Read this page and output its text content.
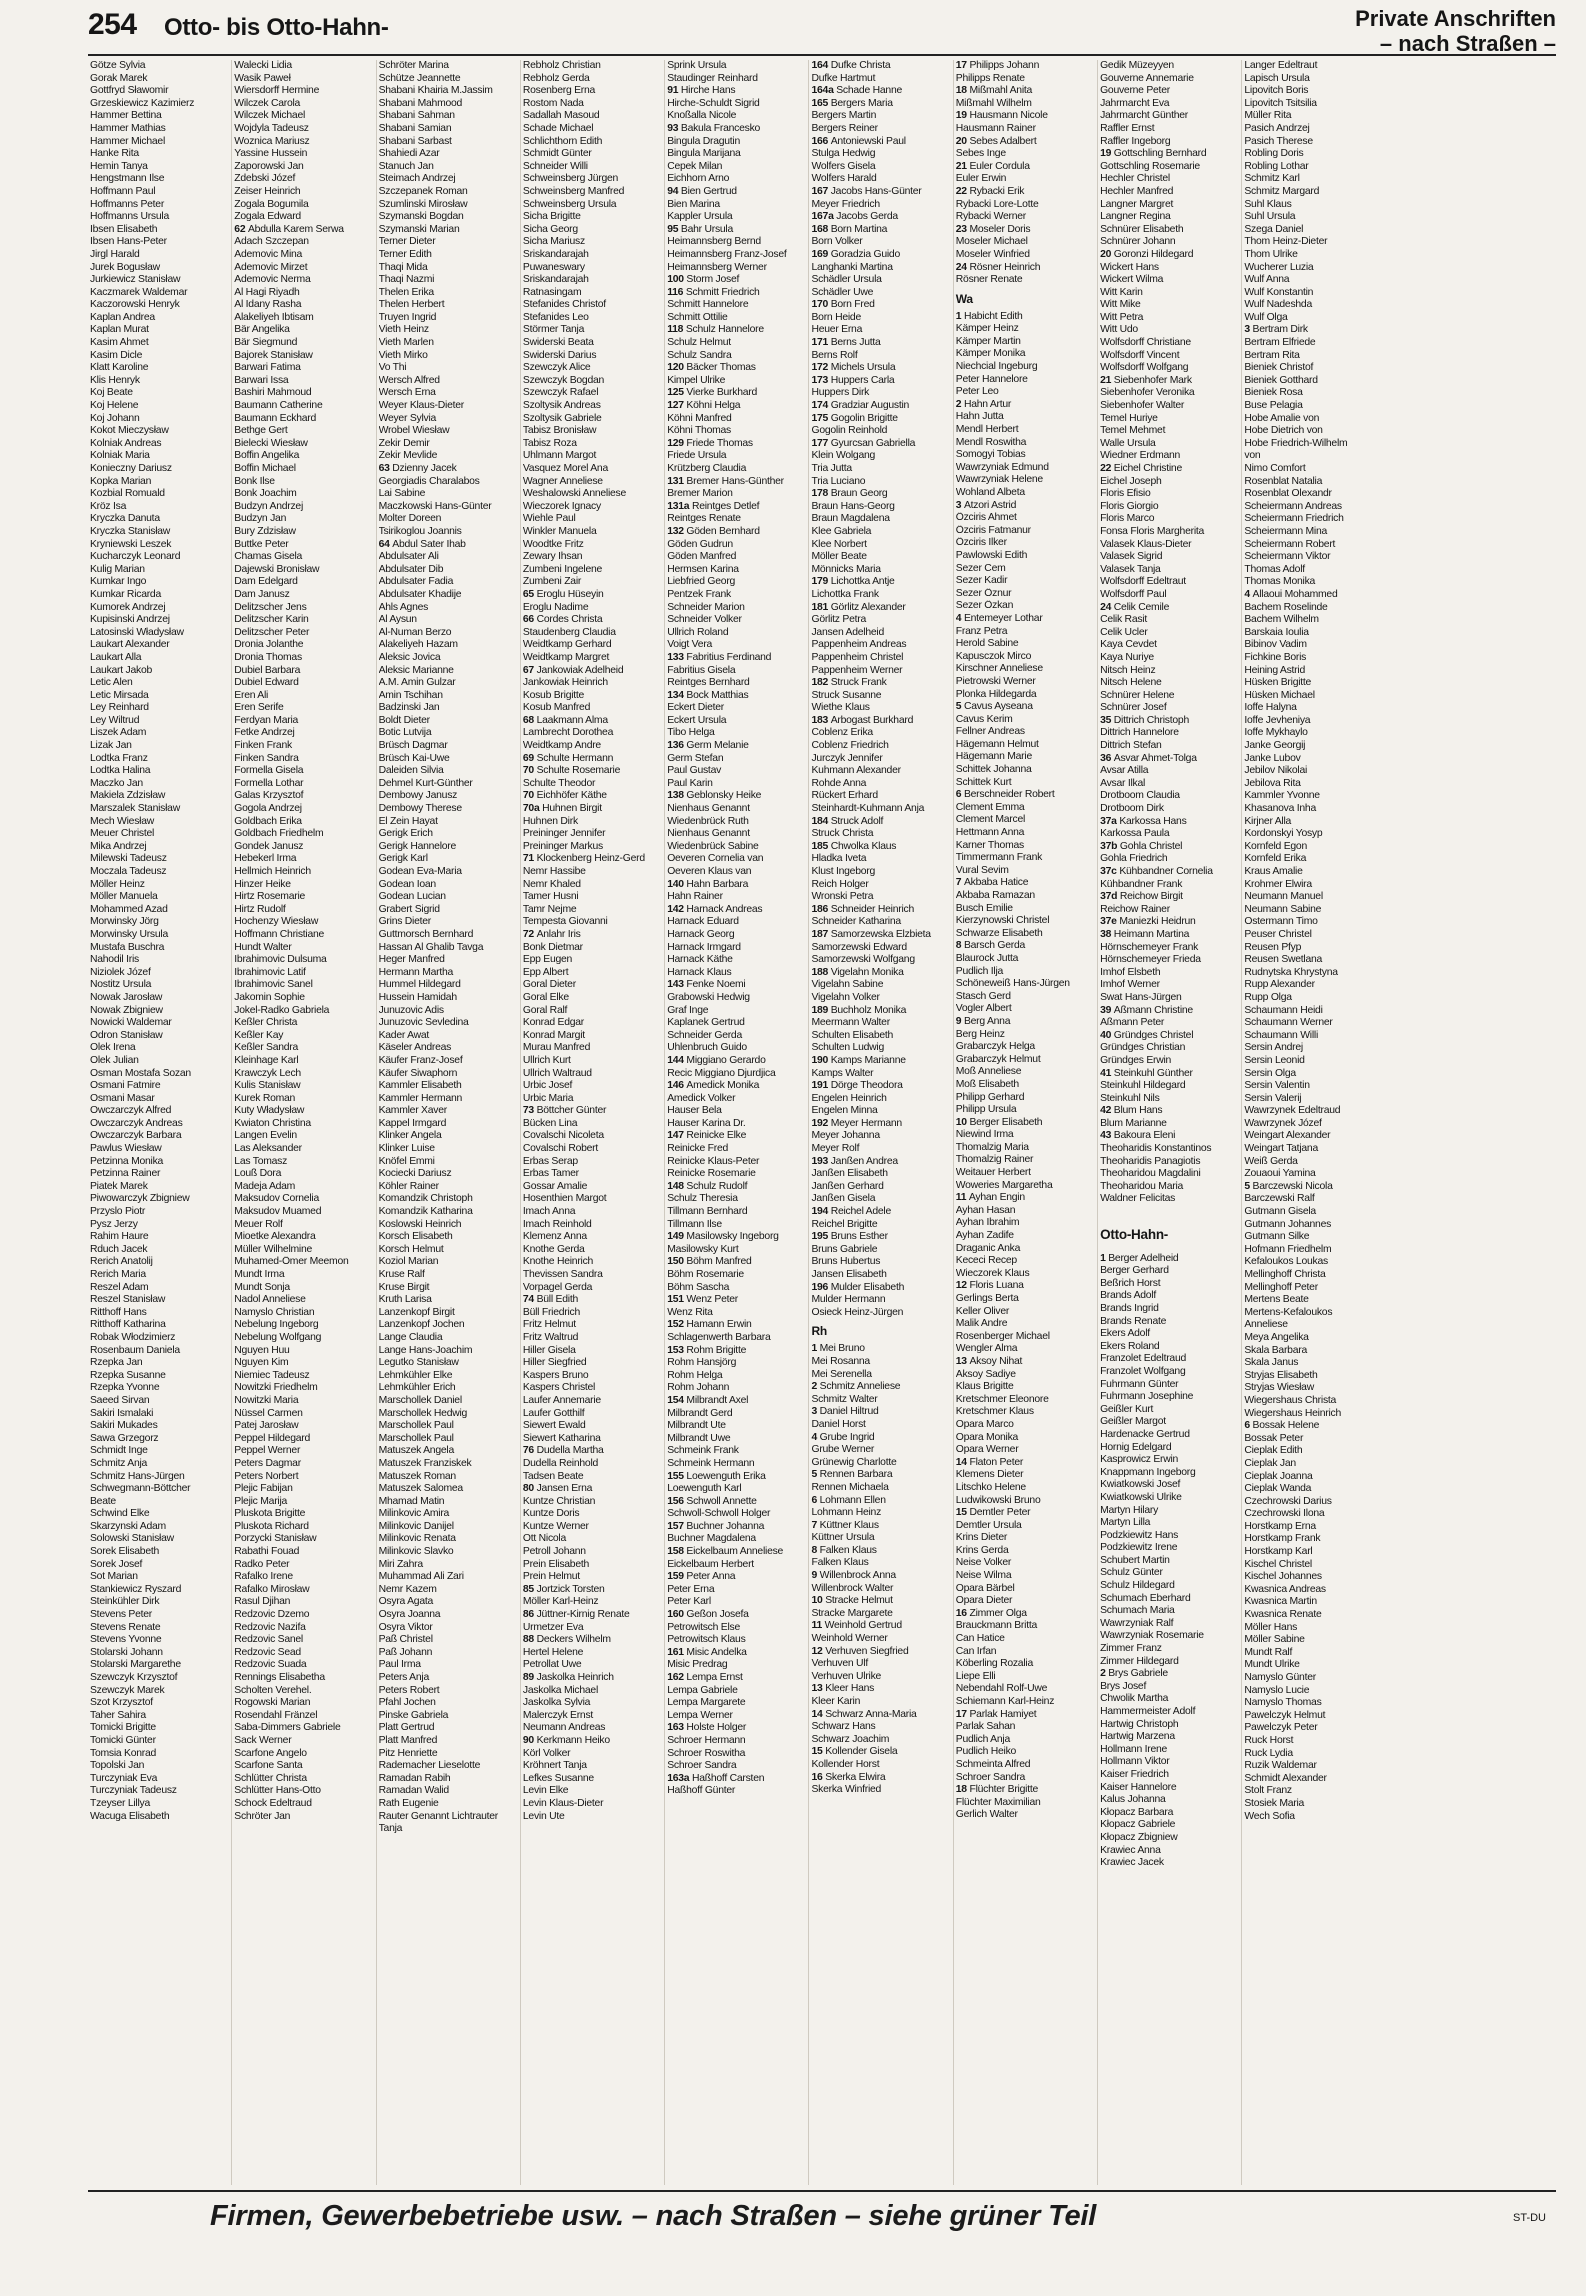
254 Otto- bis Otto-Hahn-	Private Anschriften
– nach Straßen –
Götze Sylvia
Gorak Marek
Gottfryd Sławomir
Grzeskiewicz Kazimierz
Hammer Bettina
Hammer Mathias
Hammer Michael
Hanke Rita
Hemin Tanya
Hengstmann Ilse
Hoffmann Paul
Hoffmanns Peter
Hoffmanns Ursula
Ibsen Elisabeth
Ibsen Hans-Peter
Jirgl Harald
Jurek Bogusław
Jurkiewicz Stanisław
Kaczmarek Waldemar
Kaczorowski Henryk
Kaplan Andrea
Kaplan Murat
Kasim Ahmet
Kasim Dicle
Klatt Karoline
Klis Henryk
Koj Beate
Koj Helene
Koj Johann
Kokot Mieczysław
Kolniak Andreas
Kolniak Maria
Konieczny Dariusz
Kopka Marian
Kozbial Romuald
Kröz Isa
Kryczka Danuta
Kryczka Stanisław
Kryniewski Leszek
Kucharczyk Leonard
Kulig Marian
Kumkar Ingo
Kumkar Ricarda
Kumorek Andrzej
Kupisinski Andrzej
Latosinski Władysław
Laukart Alexander
Laukart Alla
Laukart Jakob
Letic Alen
Letic Mirsada
Ley Reinhard
Ley Wiltrud
Liszek Adam
Lizak Jan
Lodtka Franz
Lodtka Halina
Maczko Jan
Makiela Zdzisław
Marszalek Stanisław
Mech Wiesław
Meuer Christel
Mika Andrzej
Milewski Tadeusz
Moczala Tadeusz
Möller Heinz
Möller Manuela
Mohammed Azad
Morwinsky Jörg
Morwinsky Ursula
Mustafa Buschra
Nahodil Iris
Niziolek Józef
Nostitz Ursula
Nowak Jarosław
Nowak Zbigniew
Nowicki Waldemar
Odron Stanisław
Olek Irena
Olek Julian
Osman Mostafa Sozan
Osmani Fatmire
Osmani Masar
Owczarczyk Alfred
Owczarczyk Andreas
Owczarczyk Barbara
Pawlus Wiesław
Petzinna Monika
Petzinna Rainer
Piatek Marek
Piwowarczyk Zbigniew
Przyslo Piotr
Pysz Jerzy
Rahim Haure
Rduch Jacek
Rerich Anatolij
Rerich Maria
Reszel Adam
Reszel Stanisław
Ritthoff Hans
Ritthoff Katharina
Robak Włodzimierz
Rosenbaum Daniela
Rzepka Jan
Rzepka Susanne
Rzepka Yvonne
Saeed Sirvan
Sakiri Ismalaki
Sakiri Mukades
Sawa Grzegorz
Schmidt Inge
Schmitz Anja
Schmitz Hans-Jürgen
Schwegmann-Böttcher
Beate
Schwind Elke
Skarzynski Adam
Solowski Stanisław
Sorek Elisabeth
Sorek Josef
Sot Marian
Stankiewicz Ryszard
Steinkühler Dirk
Stevens Peter
Stevens Renate
Stevens Yvonne
Stolarski Johann
Stolarski Margarethe
Szewczyk Krzysztof
Szewczyk Marek
Szot Krzysztof
Taher Sahira
Tomicki Brigitte
Tomicki Günter
Tomsia Konrad
Topolski Jan
Turczyniak Eva
Turczyniak Tadeusz
Tzeyser Lillya
Wacuga Elisabeth
Walecki Lidia
Wasik Paweł
Wiersdorff Hermine
Wilczek Carola
Wilczek Michael
Wojdyla Tadeusz
Woznica Mariusz
Yassine Hussein
Zaporowski Jan
Zdebski Józef
Zeiser Heinrich
Zogala Bogumila
Zogala Edward
62 Abdulla Karem Serwa
Adach Szczepan
Ademovic Mina
Ademovic Mirzet
Ademovic Nerma
Al Hagi Riyadh
Al Idany Rasha
Alakeliyeh Ibtisam
Bär Angelika
Bär Siegmund
Bajorek Stanisław
Barwari Fatima
Barwari Issa
Bashiri Mahmoud
Baumann Catherine
Baumann Eckhard
Bethge Gert
Bielecki Wiesław
Boffin Angelika
Boffin Michael
Bonk Ilse
Bonk Joachim
Budzyn Andrzej
Budzyn Jan
Bury Zdzisław
Buttke Peter
Chamas Gisela
Dajewski Bronisław
Dam Edelgard
Dam Janusz
Delitzscher Jens
Delitzscher Karin
Delitzscher Peter
Dronia Jolanthe
Dronia Thomas
Dubiel Barbara
Dubiel Edward
Eren Ali
Eren Serife
Ferdyan Maria
Fetke Andrzej
Finken Frank
Finken Sandra
Formella Gisela
Formella Lothar
Galas Krzysztof
Gogola Andrzej
Goldbach Erika
Goldbach Friedhelm
Gondek Janusz
Hebekerl Irma
Hellmich Heinrich
Hinzer Heike
Hirtz Rosemarie
Hirtz Rudolf
Hochenzy Wiesław
Hoffmann Christiane
Hundt Walter
Ibrahimovic Dulsuma
Ibrahimovic Latif
Ibrahimovic Sanel
Jakomin Sophie
Jokel-Radko Gabriela
Keßler Christa
Keßler Kay
Keßler Sandra
Kleinhage Karl
Krawczyk Lech
Kulis Stanisław
Kurek Roman
Kuty Władysław
Kwiaton Christina
Langen Evelin
Las Aleksander
Las Tomasz
Louß Dora
Madeja Adam
Maksudov Cornelia
Maksudov Muamed
Meuer Rolf
Mioetke Alexandra
Müller Wilhelmine
Muhamed-Ömer Meemon
Mundt Irma
Mundt Sonja
Nadol Anneliese
Namyslo Christian
Nebelung Ingeborg
Nebelung Wolfgang
Nguyen Huu
Nguyen Kim
Niemiec Tadeusz
Nowitzki Friedhelm
Nowitzki Maria
Nüssel Carmen
Patej Jarosław
Peppel Hildegard
Peppel Werner
Peters Dagmar
Peters Norbert
Plejic Fabijan
Plejic Marija
Pluskota Brigitte
Pluskota Richard
Porzycki Stanisław
Rabathi Fouad
Radko Peter
Rafalko Irene
Rafalko Mirosław
Rasul Djihan
Redzovic Dzemo
Redzovic Nazifa
Redzovic Sanel
Redzovic Sead
Redzovic Suada
Rennings Elisabetha
Scholten Verehel.
Rogowski Marian
Rosendahl Fränzel
Saba-Dimmers Gabriele
Sack Werner
Scarfone Angelo
Scarfone Santa
Schlütter Christa
Schlütter Hans-Otto
Schock Edeltraud
Schröter Jan
Schröter Marina
Schütze Jeannette
Shabani Khairia M.Jassim
Shabani Mahmood
Shabani Sahman
Shabani Samian
Shabani Sarbast
Shahiedi Azar
Stanuch Jan
Steimach Andrzej
Szczepanek Roman
Szumlinski Mirosław
Szymanski Bogdan
Szymanski Marian
Terner Dieter
Terner Edith
Thaqi Mida
Thaqi Nazmi
Thelen Erika
Thelen Herbert
Truyen Ingrid
Vieth Heinz
Vieth Marlen
Vieth Mirko
Vo Thi
Wersch Alfred
Wersch Erna
Weyer Klaus-Dieter
Weyer Sylvia
Wrobel Wiesław
Zekir Demir
Zekir Mevlide
63 Dzienny Jacek
Georgiadis Charalabos
Lai Sabine
Maczkowski Hans-Günter
Molter Doreen
Tsirikoglou Joannis
64 Abdul Sater Ihab
Abdulsater Ali
Abdulsater Dib
Abdulsater Fadia
Abdulsater Khadije
Ahls Agnes
Al Aysun
Al-Numan Berzo
Alakeliyeh Hazam
Aleksic Jovica
Aleksic Marianne
A.M. Amin Gulzar
Amin Tschihan
Badzinski Jan
Boldt Dieter
Botic Lutvija
Brüsch Dagmar
Brüsch Kai-Uwe
Daleiden Silvia
Dehmel Kurt-Günther
Dembowy Janusz
Dembowy Therese
El Zein Hayat
Gerigk Erich
Gerigk Hannelore
Gerigk Karl
Godean Eva-Maria
Godean Ioan
Godean Lucian
Grabert Sigrid
Grins Dieter
Guttmorsch Bernhard
Hassan Al Ghalib Tavga
Heger Manfred
Hermann Martha
Hummel Hildegard
Hussein Hamidah
Junuzovic Adis
Junuzovic Sevledina
Kader Awat
Käseler Andreas
Käufer Franz-Josef
Käufer Siwaphorn
Kammler Elisabeth
Kammler Hermann
Kammler Xaver
Kappel Irmgard
Klinker Angela
Klinker Luise
Knöfel Emmi
Kociecki Dariusz
Köhler Rainer
Komandzik Christoph
Komandzik Katharina
Koslowski Heinrich
Korsch Elisabeth
Korsch Helmut
Koziol Marian
Kruse Ralf
Kruse Birgit
Kruth Larisa
Lanzenkopf Birgit
Lanzenkopf Jochen
Lange Claudia
Lange Hans-Joachim
Legutko Stanisław
Lehmkühler Elke
Lehmkühler Erich
Marschollek Daniel
Marschollek Hedwig
Marschollek Paul
Marschollek Paul
Matuszek Angela
Matuszek Franziskek
Matuszek Roman
Matuszek Salomea
Mhamad Matin
Milinkovic Amira
Milinkovic Danijel
Milinkovic Renata
Milinkovic Slavko
Miri Zahra
Muhammad Ali Zari
Nemr Kazem
Osyra Agata
Osyra Joanna
Osyra Viktor
Paß Christel
Paß Johann
Paul Irma
Peters Anja
Peters Robert
Pfahl Jochen
Pinske Gabriela
Platt Gertrud
Platt Manfred
Pitz Henriette
Rademacher Lieselotte
Ramadan Rabih
Ramadan Walid
Rath Eugenie
Rauter Genannt Lichtrauter
Tanja
Rebholz Christian
Rebholz Gerda
Rosenberg Erna
Rostom Nada
Sadallah Masoud
Schade Michael
Schlichthorn Edith
Schmidt Günter
Schneider Willi
Schweinsberg Jürgen
Schweinsberg Manfred
Schweinsberg Ursula
Sicha Brigitte
Sicha Georg
Sicha Mariusz
Sriskandarajah
Puwaneswary
Sriskandarajah
Ratnasingam
Stefanides Christof
Stefanides Leo
Störmer Tanja
Swiderski Beata
Swiderski Darius
Szewczyk Alice
Szewczyk Bogdan
Szewczyk Rafael
Szoltysik Andreas
Szoltysik Gabriele
Tabisz Bronisław
Tabisz Roza
Uhlmann Margot
Vasquez Morel Ana
Wagner Anneliese
Weshalowski Anneliese
Wieczorek Ignacy
Wiehle Paul
Winkler Manuela
Woodtke Fritz
Zewary Ihsan
Zumbeni Ingelene
Zumbeni Zair
65 Eroglu Hüseyin
Eroglu Nadime
66 Cordes Christa
Staudenberg Claudia
Weidtkamp Gerhard
Weidtkamp Margret
67 Jankowiak Adelheid
Jankowiak Heinrich
Kosub Brigitte
Kosub Manfred
68 Laakmann Alma
Lambrecht Dorothea
Weidtkamp Andre
69 Schulte Hermann
70 Schulte Rosemarie
Schulte Theodor
70 Eichhöfer Käthe
70a Huhnen Birgit
Huhnen Dirk
Preininger Jennifer
Preininger Markus
71 Klockenberg Heinz-Gerd
Nemr Hassibe
Nemr Khaled
Tamer Husni
Tamr Nejme
Tempesta Giovanni
72 Anlahr Iris
Bonk Dietmar
Epp Eugen
Epp Albert
Goral Dieter
Goral Elke
Goral Ralf
Konrad Edgar
Konrad Margit
Murau Manfred
Ullrich Kurt
Ullrich Waltraud
Urbic Josef
Urbic Maria
73 Böttcher Günter
Bücken Lina
Covalschi Nicoleta
Covalschi Robert
Erbas Serap
Erbas Tamer
Gossar Amalie
Hosenthien Margot
Imach Anna
Imach Reinhold
Klemenz Anna
Knothe Gerda
Knothe Heinrich
Thevissen Sandra
Vorpagel Gerda
74 Büll Edith
Büll Friedrich
Fritz Helmut
Fritz Waltrud
Hiller Gisela
Hiller Siegfried
Kaspers Bruno
Kaspers Christel
Laufer Annemarie
Laufer Gotthilf
Siewert Ewald
Siewert Katharina
76 Dudella Martha
Dudella Reinhold
Tadsen Beate
80 Jansen Erna
Kuntze Christian
Kuntze Doris
Kuntze Werner
Ott Nicola
Petroll Johann
Prein Elisabeth
Prein Helmut
85 Jortzick Torsten
Möller Karl-Heinz
86 Jüttner-Kirnig Renate
Urmetzer Eva
88 Deckers Wilhelm
Hertel Helene
Petrollat Uwe
89 Jaskolka Heinrich
Jaskolka Michael
Jaskolka Sylvia
Malerczyk Ernst
Neumann Andreas
90 Kerkmann Heiko
Körl Volker
Kröhnert Tanja
Lefkes Susanne
Levin Elke
Levin Klaus-Dieter
Levin Ute
Sprink Ursula
Staudinger Reinhard
91 Hirche Hans
Hirche-Schuldt Sigrid
Knoßalla Nicole
93 Bakula Francesko
Bingula Dragutin
Bingula Marijana
Cepek Milan
Eichhorn Arno
94 Bien Gertrud
Bien Marina
Kappler Ursula
95 Bahr Ursula
Heimannsberg Bernd
Heimannsberg Franz-Josef
Heimannsberg Werner
100 Storm Josef
116 Schmitt Friedrich
Schmitt Hannelore
Schmitt Ottilie
118 Schulz Hannelore
Schulz Helmut
Schulz Sandra
120 Bäcker Thomas
Kimpel Ulrike
125 Vierke Burkhard
127 Köhni Helga
Köhni Manfred
Köhni Thomas
129 Friede Thomas
Friede Ursula
Krützberg Claudia
131 Bremer Hans-Günther
Bremer Marion
131a Reintges Detlef
Reintges Renate
132 Göden Bernhard
Göden Gudrun
Göden Manfred
Hermsen Karina
Liebfried Georg
Pentzek Frank
Schneider Marion
Schneider Volker
Ullrich Roland
Voigt Vera
133 Fabritius Ferdinand
Fabritius Gisela
Reintges Bernhard
134 Bock Matthias
Eckert Dieter
Eckert Ursula
Tibo Helga
136 Germ Melanie
Germ Stefan
Paul Gustav
Paul Karin
138 Geblonsky Heike
Nienhaus Genannt
Wiedenbrück Ruth
Nienhaus Genannt
Wiedenbrück Sabine
Oeveren Cornelia van
Oeveren Klaus van
140 Hahn Barbara
Hahn Rainer
142 Harnack Andreas
Harnack Eduard
Harnack Georg
Harnack Irmgard
Harnack Käthe
Harnack Klaus
143 Fenke Noemi
Grabowski Hedwig
Graf Inge
Kaplanek Gertrud
Schneider Gerda
Uhlenbruch Guido
144 Miggiano Gerardo
Recic Miggiano Djurdjica
146 Amedick Monika
Amedick Volker
Hauser Bela
Hauser Karina Dr.
147 Reinicke Elke
Reinicke Fred
Reinicke Klaus-Peter
Reinicke Rosemarie
148 Schulz Rudolf
Schulz Theresia
Tillmann Bernhard
Tillmann Ilse
149 Masilowsky Ingeborg
Masilowsky Kurt
150 Böhm Manfred
Böhm Rosemarie
Böhm Sascha
151 Wenz Peter
Wenz Rita
152 Hamann Erwin
Schlagenwerth Barbara
153 Rohm Brigitte
Rohm Hansjörg
Rohm Helga
Rohm Johann
154 Milbrandt Axel
Milbrandt Gerd
Milbrandt Ute
Milbrandt Uwe
Schmeink Frank
Schmeink Hermann
155 Loewenguth Erika
Loewenguth Karl
156 Schwoll Annette
Schwoll-Schwoll Holger
157 Buchner Johanna
Buchner Magdalena
158 Eickelbaum Anneliese
Eickelbaum Herbert
159 Peter Anna
Peter Erna
Peter Karl
160 Geßon Josefa
Petrowitsch Else
Petrowitsch Klaus
161 Misic Andelka
Misic Predrag
162 Lempa Ernst
Lempa Gabriele
Lempa Margarete
Lempa Werner
163 Holste Holger
Schroer Hermann
Schroer Roswitha
Schroer Sandra
163a Haßhoff Carsten
Haßhoff Günter
164 Dufke Christa
Dufke Hartmut
164a Schade Hanne
165 Bergers Maria
Bergers Martin
Bergers Reiner
166 Antoniewski Paul
Stulga Hedwig
Wolfers Gisela
Wolfers Harald
167 Jacobs Hans-Günter
Meyer Friedrich
167a Jacobs Gerda
168 Born Martina
Born Volker
169 Goradzia Guido
Langhanki Martina
Schädler Ursula
Schädler Uwe
170 Born Fred
Born Heide
Heuer Erna
171 Berns Jutta
Berns Rolf
172 Michels Ursula
173 Huppers Carla
Huppers Dirk
174 Gradziar Augustin
175 Gogolin Brigitte
Gogolin Reinhold
177 Gyurcsan Gabriella
Klein Wolgang
Tria Jutta
Tria Luciano
178 Braun Georg
Braun Hans-Georg
Braun Magdalena
Klee Gabriela
Klee Norbert
Möller Beate
Mönnicks Maria
179 Lichottka Antje
Lichottka Frank
181 Görlitz Alexander
Görlitz Petra
Jansen Adelheid
Pappenheim Andreas
Pappenheim Christel
Pappenheim Werner
182 Struck Frank
Struck Susanne
Wiethe Klaus
183 Arbogast Burkhard
Coblenz Erika
Coblenz Friedrich
Jurczyk Jennifer
Kuhmann Alexander
Rohde Anna
Rückert Erhard
Steinhardt-Kuhmann Anja
184 Struck Adolf
Struck Christa
185 Chwolka Klaus
Hladka Iveta
Klust Ingeborg
Reich Holger
Wronski Petra
186 Schneider Heinrich
Schneider Katharina
187 Samorzewska Elzbieta
Samorzewski Edward
Samorzewski Wolfgang
188 Vigelahn Monika
Vigelahn Sabine
Vigelahn Volker
189 Buchholz Monika
Meermann Walter
Schulten Elisabeth
Schulten Ludwig
190 Kamps Marianne
Kamps Walter
191 Dörge Theodora
Engelen Heinrich
Engelen Minna
192 Meyer Hermann
Meyer Johanna
Meyer Rolf
193 Janßen Andrea
Janßen Elisabeth
Janßen Gerhard
Janßen Gisela
194 Reichel Adele
Reichel Brigitte
195 Bruns Esther
Bruns Gabriele
Bruns Hubertus
Jansen Elisabeth
196 Mulder Elisabeth
Mulder Hermann
Osieck Heinz-Jürgen
Rh
1 Mei Bruno
Mei Rosanna
Mei Serenella
2 Schmitz Anneliese
Schmitz Walter
3 Daniel Hiltrud
Daniel Horst
4 Grube Ingrid
Grube Werner
Grünewig Charlotte
5 Rennen Barbara
Rennen Michaela
6 Lohmann Ellen
Lohmann Heinz
7 Küttner Klaus
Küttner Ursula
8 Falken Klaus
Falken Klaus
9 Willenbrock Anna
Willenbrock Walter
10 Stracke Helmut
Stracke Margarete
11 Weinhold Gertrud
Weinhold Werner
12 Verhuven Siegfried
Verhuven Ulf
Verhuven Ulrike
13 Kleer Hans
Kleer Karin
14 Schwarz Anna-Maria
Schwarz Hans
Schwarz Joachim
15 Kollender Gisela
Kollender Horst
16 Skerka Elwira
Skerka Winfried
17 Philipps Johann
Philipps Renate
18 Mißmahl Anita
Mißmahl Wilhelm
19 Hausmann Nicole
Hausmann Rainer
20 Sebes Adalbert
Sebes Inge
21 Euler Cordula
Euler Erwin
22 Rybacki Erik
Rybacki Lore-Lotte
Rybacki Werner
23 Moseler Doris
Moseler Michael
Moseler Winfried
24 Rösner Heinrich
Rösner Renate
Wa
1 Habicht Edith
Kämper Heinz
Kämper Martin
Kämper Monika
Niechcial Ingeburg
Peter Hannelore
Peter Leo
2 Hahn Artur
Hahn Jutta
Mendl Herbert
Mendl Roswitha
Somogyi Tobias
Wawrzyniak Edmund
Wawrzyniak Helene
Wohland Albeta
3 Atzori Astrid
Özciris Ahmet
Özciris Fatmanur
Özciris İlker
Pawlowski Edith
Sezer Cem
Sezer Kadir
Sezer Öznur
Sezer Özkan
4 Entemeyer Lothar
Franz Petra
Herold Sabine
Kapusczok Mirco
Kirschner Anneliese
Pietrowski Werner
Plonka Hildegarda
5 Cavus Ayseana
Cavus Kerim
Fellner Andreas
Hägemann Helmut
Hägemann Marie
Schittek Johanna
Schittek Kurt
6 Berschneider Robert
Clement Emma
Clement Marcel
Hettmann Anna
Karner Thomas
Timmermann Frank
Vural Sevim
7 Akbaba Hatice
Akbaba Ramazan
Busch Emilie
Kierzynowski Christel
Schwarze Elisabeth
8 Barsch Gerda
Blaurock Jutta
Pudlich Ilja
Schöneweiß Hans-Jürgen
Stasch Gerd
Vogler Albert
9 Berg Anna
Berg Heinz
Grabarczyk Helga
Grabarczyk Helmut
Moß Anneliese
Moß Elisabeth
Philipp Gerhard
Philipp Ursula
10 Berger Elisabeth
Niewind Irma
Thomalzig Maria
Thomalzig Rainer
Weitauer Herbert
Woweries Margaretha
11 Ayhan Engin
Ayhan Hasan
Ayhan İbrahim
Ayhan Zadife
Draganic Anka
Kececi Recep
Wieczorek Klaus
12 Floris Luana
Gerlings Berta
Keller Oliver
Malik Andre
Rosenberger Michael
Wengler Alma
13 Aksoy Nihat
Aksoy Sadiye
Klaus Brigitte
Kretschmer Eleonore
Kretschmer Klaus
Opara Marco
Opara Monika
Opara Werner
14 Flaton Peter
Klemens Dieter
Litschko Helene
Ludwikowski Bruno
15 Demtler Peter
Demtler Ursula
Krins Dieter
Krins Gerda
Neise Volker
Neise Wilma
Opara Bärbel
Opara Dieter
16 Zimmer Olga
Brauckmann Britta
Can Hatice
Can Irfan
Köberling Rozalia
Liepe Elli
Nebendahl Rolf-Uwe
Schiemann Karl-Heinz
17 Parlak Hamiyet
Parlak Sahan
Pudlich Anja
Pudlich Heiko
Schmeinta Alfred
Schroer Sandra
18 Flüchter Brigitte
Flüchter Maximilian
Gerlich Walter
Gedik Müzeyyen
Gouverne Annemarie
Gouverne Peter
Jahrmarcht Eva
Jahrmarcht Günther
Raffler Ernst
Raffler Ingeborg
19 Gottschling Bernhard
Gottschling Rosemarie
Hechler Christel
Hechler Manfred
Langner Margret
Langner Regina
Schnürer Elisabeth
Schnürer Johann
20 Goronzi Hildegard
Wickert Hans
Wickert Wilma
Witt Karin
Witt Mike
Witt Petra
Witt Udo
Wolfsdorff Christiane
Wolfsdorff Vincent
Wolfsdorff Wolfgang
21 Siebenhofer Mark
Siebenhofer Veronika
Siebenhofer Walter
Temel Huriye
Temel Mehmet
Walle Ursula
Wiedner Erdmann
22 Eichel Christine
Eichel Joseph
Floris Efisio
Floris Giorgio
Floris Marco
Fonsa Floris Margherita
Valasek Klaus-Dieter
Valasek Sigrid
Valasek Tanja
Wolfsdorff Edeltraut
Wolfsdorff Paul
24 Celik Cemile
Celik Rasit
Celik Ucler
Kaya Cevdet
Kaya Nuriye
Nitsch Heinz
Nitsch Helene
Schnürer Helene
Schnürer Josef
35 Dittrich Christoph
Dittrich Hannelore
Dittrich Stefan
36 Asvar Ahmet-Tolga
Avsar Atilla
Avsar Ilkal
Drotboom Claudia
Drotboom Dirk
37a Karkossa Hans
Karkossa Paula
37b Gohla Christel
Gohla Friedrich
37c Kühbandner Cornelia
Kühbandner Frank
37d Reichow Birgit
Reichow Rainer
37e Maniezki Heidrun
38 Heimann Martina
Hörnschemeyer Frank
Hörnschemeyer Frieda
Imhof Elsbeth
Imhof Werner
Swat Hans-Jürgen
39 Aßmann Christine
Aßmann Peter
40 Gründges Christel
Gründges Christian
Gründges Erwin
41 Steinkuhl Günther
Steinkuhl Hildegard
Steinkuhl Nils
42 Blum Hans
Blum Marianne
43 Bakoura Eleni
Theoharidis Konstantinos
Theoharidis Panagiotis
Theoharidou Magdalini
Theoharidou Maria
Waldner Felicitas
Otto-Hahn-
1 Berger Adelheid
Berger Gerhard
Beßrich Horst
Brands Adolf
Brands Ingrid
Brands Renate
Ekers Adolf
Ekers Roland
Franzolet Edeltraud
Franzolet Wolfgang
Fuhrmann Günter
Fuhrmann Josephine
Geißler Kurt
Geißler Margot
Hardenacke Gertrud
Hornig Edelgard
Kasprowicz Erwin
Knappmann Ingeborg
Kwiatkowski Josef
Kwiatkowski Ulrike
Martyn Hilary
Martyn Lilla
Podzkiewitz Hans
Podzkiewitz Irene
Schubert Martin
Schulz Günter
Schulz Hildegard
Schumach Eberhard
Schumach Maria
Wawrzyniak Ralf
Wawrzyniak Rosemarie
Zimmer Franz
Zimmer Hildegard
2 Brys Gabriele
Brys Josef
Chwolik Martha
Hammermeister Adolf
Hartwig Christoph
Hartwig Marzena
Hollmann Irene
Hollmann Viktor
Kaiser Friedrich
Kaiser Hannelore
Kalus Johanna
Kłopacz Barbara
Kłopacz Gabriele
Kłopacz Zbigniew
Krawiec Anna
Krawiec Jacek
Langer Edeltraut
Lapisch Ursula
Lipovitch Boris
Lipovitch Tsitsilia
Müller Rita
Pasich Andrzej
Pasich Therese
Robling Doris
Robling Lothar
Schmitz Karl
Schmitz Margard
Suhl Klaus
Suhl Ursula
Szega Daniel
Thom Heinz-Dieter
Thom Ulrike
Wucherer Luzia
Wulf Anna
Wulf Konstantin
Wulf Nadeshda
Wulf Olga
3 Bertram Dirk
Bertram Elfriede
Bertram Rita
Bieniek Christof
Bieniek Gotthard
Bieniek Rosa
Buse Pelagia
Hobe Amalie von
Hobe Dietrich von
Hobe Friedrich-Wilhelm
von
Nimo Comfort
Rosenblat Natalia
Rosenblat Olexandr
Scheiermann Andreas
Scheiermann Friedrich
Scheiermann Mina
Scheiermann Robert
Scheiermann Viktor
Thomas Adolf
Thomas Monika
4 Allaoui Mohammed
Bachem Roselinde
Bachem Wilhelm
Barskaia Ioulia
Bibinov Vadim
Fichkine Boris
Heining Astrid
Hüsken Brigitte
Hüsken Michael
Ioffe Halyna
Ioffe Jevheniya
Ioffe Mykhaylo
Janke Georgij
Janke Lubov
Jebilov Nikolai
Jebilova Rita
Kammler Yvonne
Khasanova Inha
Kirjner Alla
Kordonskyi Yosyp
Kornfeld Egon
Kornfeld Erika
Kraus Amalie
Krohmer Elwira
Neumann Manuel
Neumann Sabine
Ostermann Timo
Peuser Christel
Reusen Pfyp
Reusen Swetlana
Rudnytska Khrystyna
Rupp Alexander
Rupp Olga
Schaumann Heidi
Schaumann Werner
Schaumann Willi
Sersin Andrej
Sersin Leonid
Sersin Olga
Sersin Valentin
Sersin Valerij
Wawrzynek Edeltraud
Wawrzynek Józef
Weingart Alexander
Weingart Tatjana
Weiß Gerda
Zouaoui Yamina
5 Barczewski Nicola
Barczewski Ralf
Gutmann Gisela
Gutmann Johannes
Gutmann Silke
Hofmann Friedhelm
Kefaloukos Loukas
Mellinghoff Christa
Mellinghoff Peter
Mertens Beate
Mertens-Kefaloukos
Anneliese
Meya Angelika
Skala Barbara
Skala Janus
Stryjas Elisabeth
Stryjas Wiesław
Wiegershaus Christa
Wiegershaus Heinrich
6 Bossak Helene
Bossak Peter
Cieplak Edith
Cieplak Jan
Cieplak Joanna
Cieplak Wanda
Czechrowski Darius
Czechrowski Ilona
Horstkamp Erna
Horstkamp Frank
Horstkamp Karl
Kischel Christel
Kischel Johannes
Kwasnica Andreas
Kwasnica Martin
Kwasnica Renate
Möller Hans
Möller Sabine
Mundt Ralf
Mundt Ulrike
Namyslo Günter
Namyslo Lucie
Namyslo Thomas
Pawelczyk Helmut
Pawelczyk Peter
Ruck Horst
Ruck Lydia
Ruzik Waldemar
Schmidt Alexander
Stolt Franz
Stosiek Maria
Wech Sofia
Firmen, Gewerbebetriebe usw. – nach Straßen – siehe grüner Teil	ST-DU
